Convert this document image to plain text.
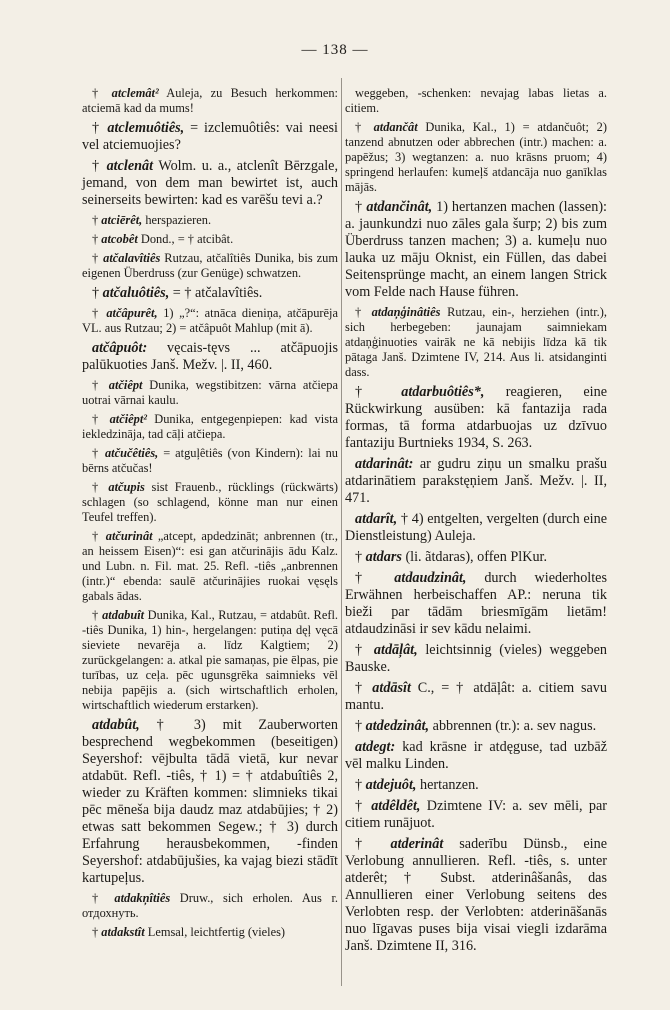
— 138 —

† atclemât² Auleja, zu Besuch herkommen: atciemā kad da mums!

† atclemuôtiês, = izclemuôtiês: vai neesi vel atciemuojies?

† atclenât Wolm. u. a., atclenît Bērzgale, jemand, von dem man bewirtet ist, auch seinerseits bewirten: kad es varēšu tevi a.?

† atciērêt, herspazieren.

† atcobêt Dond., = † atcibât.

† atčalavîtiês Rutzau, atčalîtiês Dunika, bis zum eigenen Überdruss (zur Genüge) schwatzen.

† atčaluôtiês, = † atčalavîtiês.

† atčâpurêt, 1) „?“: atnāca dieniņa, atčāpurēja VL. aus Rutzau; 2) = atčâpuôt Mahlup (mit ā).

atčâpuôt: vęcais-tęvs ... atčāpuojis palūkuoties Janš. Mežv. |. II, 460.

† atčiêpt Dunika, wegstibitzen: vārna atčiepa uotrai vārnai kaulu.

† atčiêpt² Dunika, entgegenpiepen: kad vista iekledzināja, tad cāļi atčiepa.

† atčučêtiês, = atguļêtiês (von Kindern): lai nu bērns atčučas!

† atčupis sist Frauenb., rücklings (rückwärts) schlagen (so schlagend, könne man nur einen Teufel treffen).

† atčurinât „atcept, apdedzināt; anbrennen (tr., an heissem Eisen)“: esi gan atčurinājis ādu Kalz. und Lubn. n. Fil. mat. 25. Refl. -tiês „anbrennen (intr.)“ ebenda: saulē atčurinājies ruokai vęsęls gabals ādas.

† atdabuît Dunika, Kal., Rutzau, = atdabût. Refl. -tiês Dunika, 1) hin-, hergelangen: putiņa dęļ vęcā sieviete nevarēja a. līdz Kalgtiem; 2) zurückgelangen: a. atkal pie samaņas, pie ēlpas, pie turības, uz ceļa. pēc ugunsgrēka saimnieks vēl nebija papējis a. (sich wirtschaftlich erholen, wirtschaftlich wiederum erstarken).

atdabût, † 3) mit Zauberworten besprechend wegbekommen (beseitigen) Seyershof: vējbulta tādā vietā, kur nevar atdabūt. Refl. -tiês, † 1) = † atdabuîtiês 2, wieder zu Kräften kommen: slimnieks tikai pēc mēneša bija daudz maz atdabūjies; † 2) etwas satt bekommen Segew.; † 3) durch Erfahrung herausbekommen, -finden Seyershof: atdabūjušies, ka vajag biezi stādīt kartupeļus.

† atdakņîtiês Druw., sich erholen. Aus r. отдохнуть.

† atdakstît Lemsal, leichtfertig (vieles)

weggeben, -schenken: nevajag labas lietas a. citiem.

† atdančât Dunika, Kal., 1) = atdančuôt; 2) tanzend abnutzen oder abbrechen (intr.) machen: a. papēžus; 3) wegtanzen: a. nuo krāsns pruom; 4) springend herlaufen: kumeļš atdancāja nuo ganīklas mājās.

† atdančinât, 1) hertanzen machen (lassen): a. jaunkundzi nuo zāles gala šurp; 2) bis zum Überdruss tanzen machen; 3) a. kumeļu nuo lauka uz māju Oknist, ein Füllen, das dabei Seitensprünge macht, an einem langen Strick vom Felde nach Hause führen.

† atdaņģinâtiês Rutzau, ein-, herziehen (intr.), sich herbegeben: jaunajam saimniekam atdaņģinuoties vairāk ne kā nebijis līdza kā tik pātaga Janš. Dzimtene IV, 214. Aus li. atsidanginti dass.

† atdarbuôtiês*, reagieren, eine Rückwirkung ausüben: kā fantazija rada formas, tā forma atdarbuojas uz dzīvuo fantaziju Burtnieks 1934, S. 263.

atdarinât: ar gudru ziņu un smalku prašu atdarinātiem parakstęņiem Janš. Mežv. |. II, 471.

atdarît, † 4) entgelten, vergelten (durch eine Dienstleistung) Auleja.

† atdars (li. ãtdaras), offen PlKur.

† atdaudzinât, durch wiederholtes Erwähnen herbeischaffen AP.: neruna tik bieži par tādām briesmīgām lietām! atdaudzināsi ir sev kādu nelaimi.

† atdāļât, leichtsinnig (vieles) weggeben Bauske.

† atdāsît C., = † atdāļât: a. citiem savu mantu.

† atdedzinât, abbrennen (tr.): a. sev nagus.

atdegt: kad krāsne ir atdęguse, tad uzbāž vēl malku Linden.

† atdejuôt, hertanzen.

† atdêldêt, Dzimtene IV: a. sev mēli, par citiem runājuot.

† atderinât saderību Dünsb., eine Verlobung annullieren. Refl. -tiês, s. unter atderêt; † Subst. atderinâšanâs, das Annullieren einer Verlobung seitens des Verlobten resp. der Verlobten: atderināšanās nuo līgavas puses bija visai viegli izdarāma Janš. Dzimtene II, 316.
